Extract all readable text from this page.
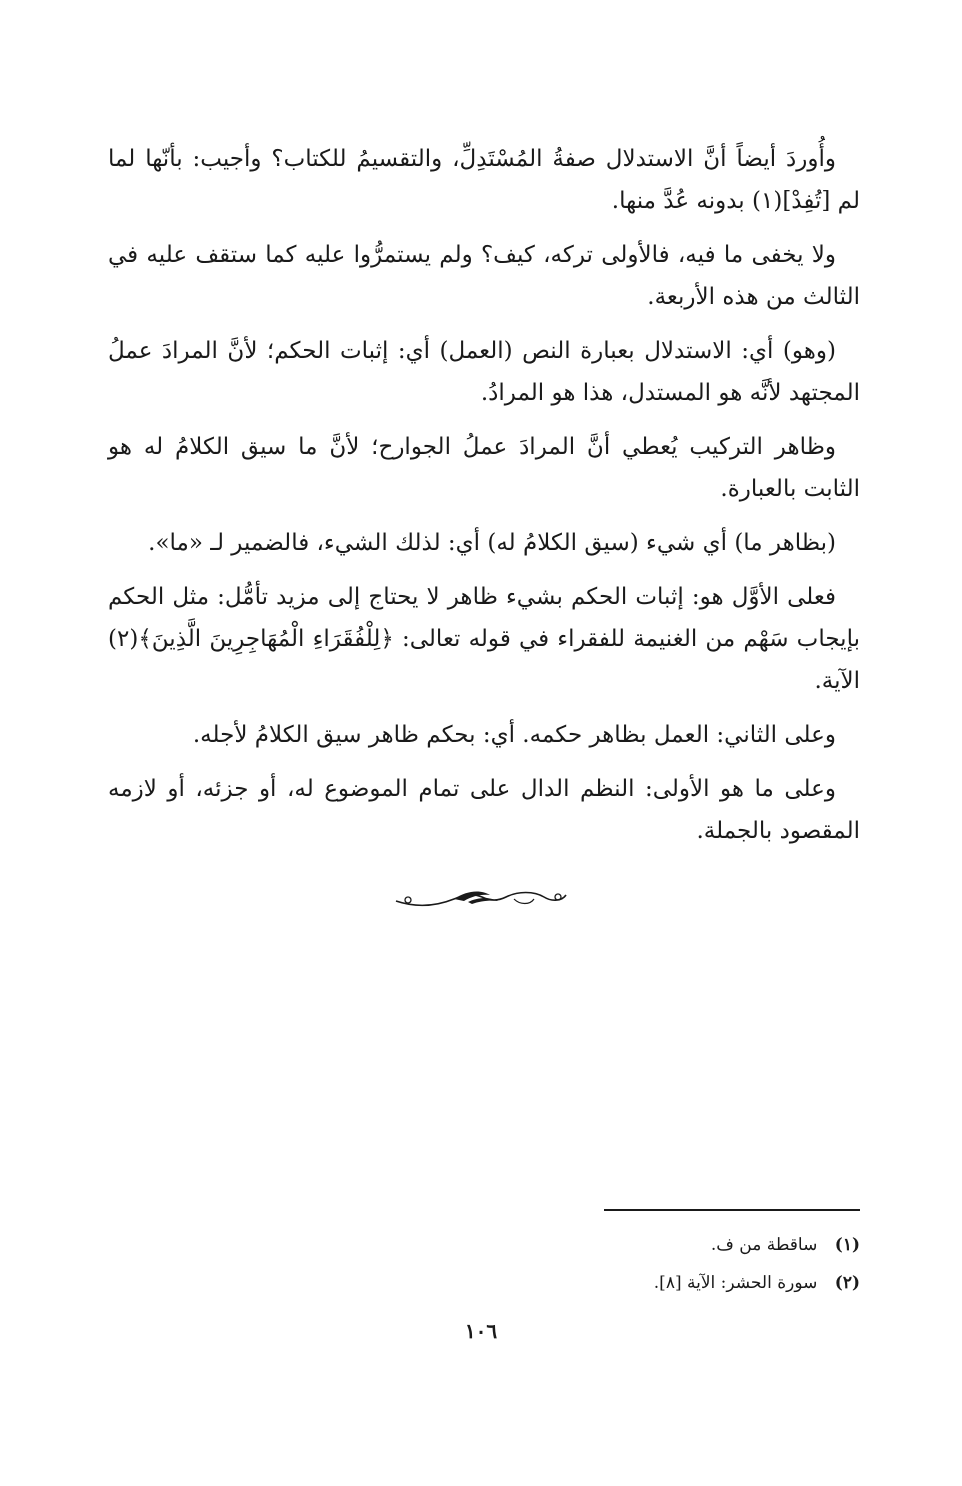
وأُوردَ أيضاً أنَّ الاستدلال صفةُ المُسْتَدِلِّ، والتقسيمُ للكتاب؟ وأجيب: بأنّها لما لم [تُفِدْ](١) بدونه عُدَّ منها.

ولا يخفى ما فيه، فالأولى تركه، كيف؟ ولم يستمرُّوا عليه كما ستقف عليه في الثالث من هذه الأربعة.

(وهو) أي: الاستدلال بعبارة النص (العمل) أي: إثبات الحكم؛ لأنَّ المرادَ عملُ المجتهد لأنَّه هو المستدل، هذا هو المرادُ.

وظاهر التركيب يُعطي أنَّ المرادَ عملُ الجوارح؛ لأنَّ ما سيق الكلامُ له هو الثابت بالعبارة.

(بظاهر ما) أي شيء (سيق الكلامُ له) أي: لذلك الشيء، فالضمير لـ «ما».

فعلى الأوَّل هو: إثبات الحكم بشيء ظاهر لا يحتاج إلى مزيد تأمُّل: مثل الحكم بإيجاب سَهْم من الغنيمة للفقراء في قوله تعالى: ﴿لِلْفُقَرَاءِ الْمُهَاجِرِينَ الَّذِينَ﴾(٢) الآية.

وعلى الثاني: العمل بظاهر حكمه. أي: بحكم ظاهر سيق الكلامُ لأجله.

وعلى ما هو الأولى: النظم الدال على تمام الموضوع له، أو جزئه، أو لازمه المقصود بالجملة.

(١) ساقطة من ف.
(٢) سورة الحشر: الآية [٨].
١٠٦
